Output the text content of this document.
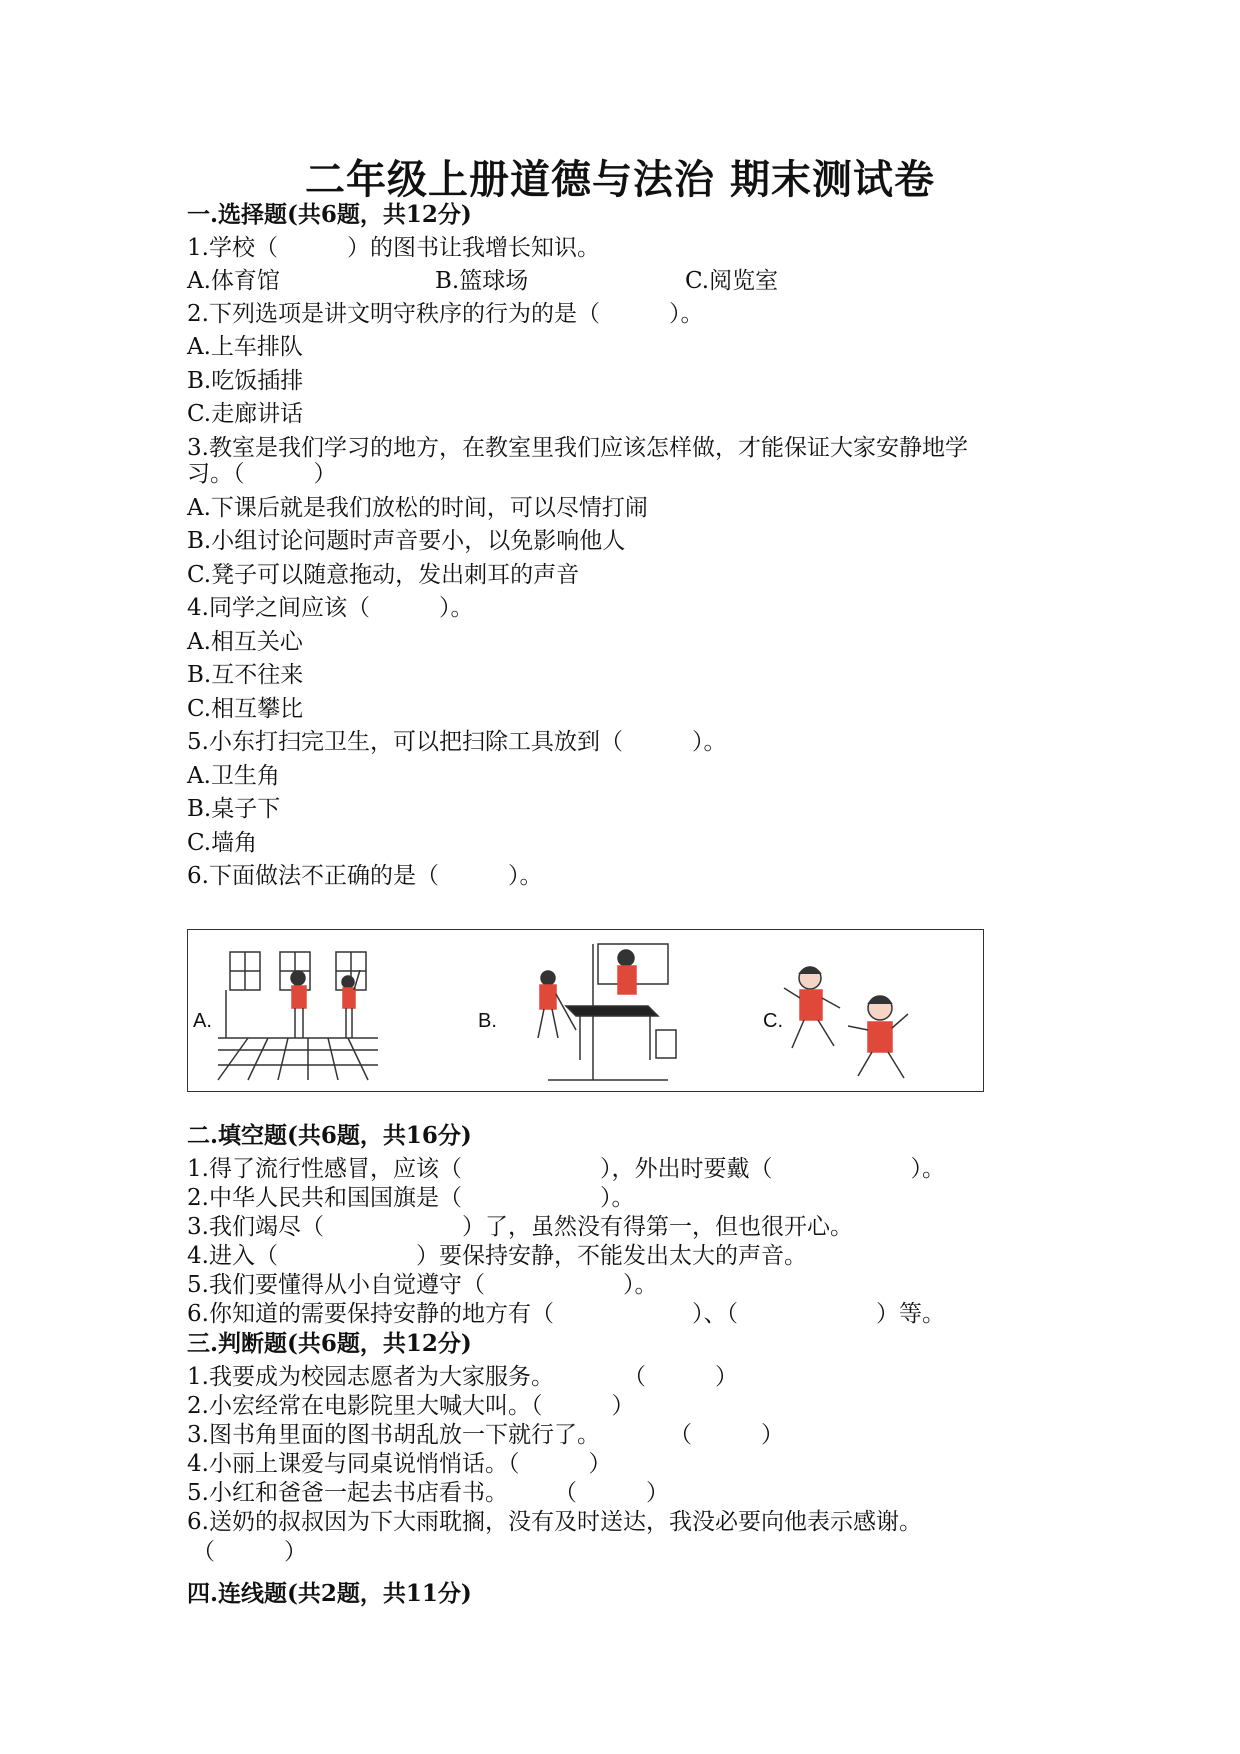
二年级上册道德与法治 期末测试卷
一.选择题(共6题，共12分)
1.学校（　　　）的图书让我增长知识。
A.体育馆	B.篮球场	C.阅览室
2.下列选项是讲文明守秩序的行为的是（　　　）。
A.上车排队
B.吃饭插排
C.走廊讲话
3.教室是我们学习的地方，在教室里我们应该怎样做，才能保证大家安静地学
习。（　　　）
A.下课后就是我们放松的时间，可以尽情打闹
B.小组讨论问题时声音要小，以免影响他人
C.凳子可以随意拖动，发出刺耳的声音
4.同学之间应该（　　　）。
A.相互关心
B.互不往来
C.相互攀比
5.小东打扫完卫生，可以把扫除工具放到（　　　）。
A.卫生角
B.桌子下
C.墙角
6.下面做法不正确的是（　　　）。
A.	B.	C.
二.填空题(共6题，共16分)
1.得了流行性感冒，应该（　　　　　　），外出时要戴（　　　　　　）。
2.中华人民共和国国旗是（　　　　　　）。
3.我们竭尽（　　　　　　）了，虽然没有得第一，但也很开心。
4.进入（　　　　　　）要保持安静，不能发出太大的声音。
5.我们要懂得从小自觉遵守（　　　　　　）。
6.你知道的需要保持安静的地方有（　　　　　　）、（　　　　　　）等。
三.判断题(共6题，共12分)
1.我要成为校园志愿者为大家服务。　　　　（　　　）
2.小宏经常在电影院里大喊大叫。（　　　）
3.图书角里面的图书胡乱放一下就行了。　　　　（　　　）
4.小丽上课爱与同桌说悄悄话。（　　　）
5.小红和爸爸一起去书店看书。　　　（　　　）
6.送奶的叔叔因为下大雨耽搁，没有及时送达，我没必要向他表示感谢。
（　　　）
四.连线题(共2题，共11分)
